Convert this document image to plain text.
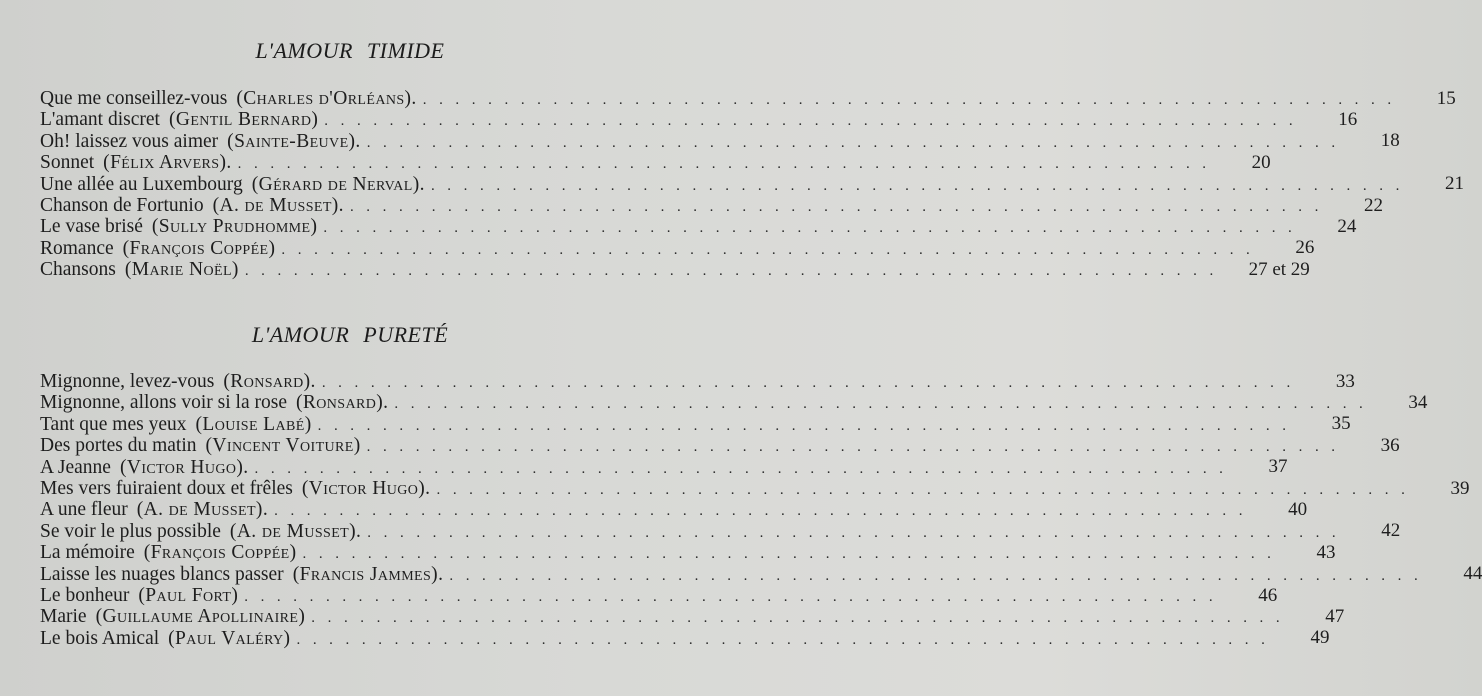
L'AMOUR TIMIDE
Que me conseillez-vous (Charles d'Orléans). ............................................................ 15
L'amant discret (Gentil Bernard) ............................................................ 16
Oh! laissez vous aimer (Sainte-Beuve). ............................................................ 18
Sonnet (Félix Arvers). ............................................................ 20
Une allée au Luxembourg (Gérard de Nerval). ............................................................ 21
Chanson de Fortunio (A. de Musset). ............................................................ 22
Le vase brisé (Sully Prudhomme) ............................................................ 24
Romance (François Coppée) ............................................................ 26
Chansons (Marie Noël) ............................................................ 27 et 29
L'AMOUR PURETÉ
Mignonne, levez-vous (Ronsard). ............................................................ 33
Mignonne, allons voir si la rose (Ronsard). ............................................................ 34
Tant que mes yeux (Louise Labé) ............................................................ 35
Des portes du matin (Vincent Voiture) ............................................................ 36
A Jeanne (Victor Hugo). ............................................................ 37
Mes vers fuiraient doux et frêles (Victor Hugo). ............................................................ 39
A une fleur (A. de Musset). ............................................................ 40
Se voir le plus possible (A. de Musset). ............................................................ 42
La mémoire (François Coppée) ............................................................ 43
Laisse les nuages blancs passer (Francis Jammes). ............................................................ 44
Le bonheur (Paul Fort) ............................................................ 46
Marie (Guillaume Apollinaire) ............................................................ 47
Le bois Amical (Paul Valéry) ............................................................ 49
